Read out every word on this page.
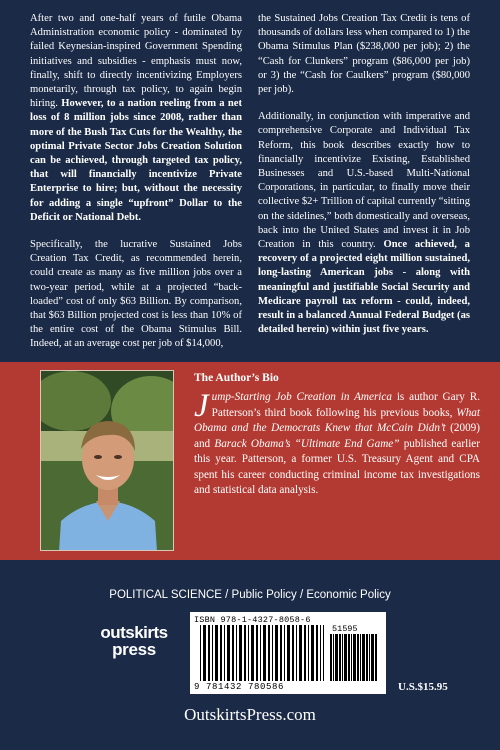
After two and one-half years of futile Obama Administration economic policy - dominated by failed Keynesian-inspired Government Spending initiatives and subsidies - emphasis must now, finally, shift to directly incentivizing Employers monetarily, through tax policy, to again begin hiring. However, to a nation reeling from a net loss of 8 million jobs since 2008, rather than more of the Bush Tax Cuts for the Wealthy, the optimal Private Sector Jobs Creation Solution can be achieved, through targeted tax policy, that will financially incentivize Private Enterprise to hire; but, without the necessity for adding a single “upfront” Dollar to the Deficit or National Debt.

Specifically, the lucrative Sustained Jobs Creation Tax Credit, as recommended herein, could create as many as five million jobs over a two-year period, while at a projected “back-loaded” cost of only $63 Billion. By comparison, that $63 Billion projected cost is less than 10% of the entire cost of the Obama Stimulus Bill. Indeed, at an average cost per job of $14,000,

the Sustained Jobs Creation Tax Credit is tens of thousands of dollars less when compared to 1) the Obama Stimulus Plan ($238,000 per job); 2) the “Cash for Clunkers” program ($86,000 per job) or 3) the “Cash for Caulkers” program ($80,000 per job).

Additionally, in conjunction with imperative and comprehensive Corporate and Individual Tax Reform, this book describes exactly how to financially incentivize Existing, Established Businesses and U.S.-based Multi-National Corporations, in particular, to finally move their collective $2+ Trillion of capital currently “sitting on the sidelines,” both domestically and overseas, back into the United States and invest it in Job Creation in this country. Once achieved, a recovery of a projected eight million sustained, long-lasting American jobs - along with meaningful and justifiable Social Security and Medicare payroll tax reform - could, indeed, result in a balanced Annual Federal Budget (as detailed herein) within just five years.

The Author’s Bio
Jump-Starting Job Creation in America is author Gary R. Patterson’s third book following his previous books, What Obama and the Democrats Knew that McCain Didn’t (2009) and Barack Obama’s “Ultimate End Game” published earlier this year. Patterson, a former U.S. Treasury Agent and CPA spent his career conducting criminal income tax investigations and statistical data analysis.
POLITICAL SCIENCE / Public Policy / Economic Policy
outskirts
press
ISBN 978-1-4327-8058-6
51595
9 781432 780586	U.S.$15.95
OutskirtsPress.com
